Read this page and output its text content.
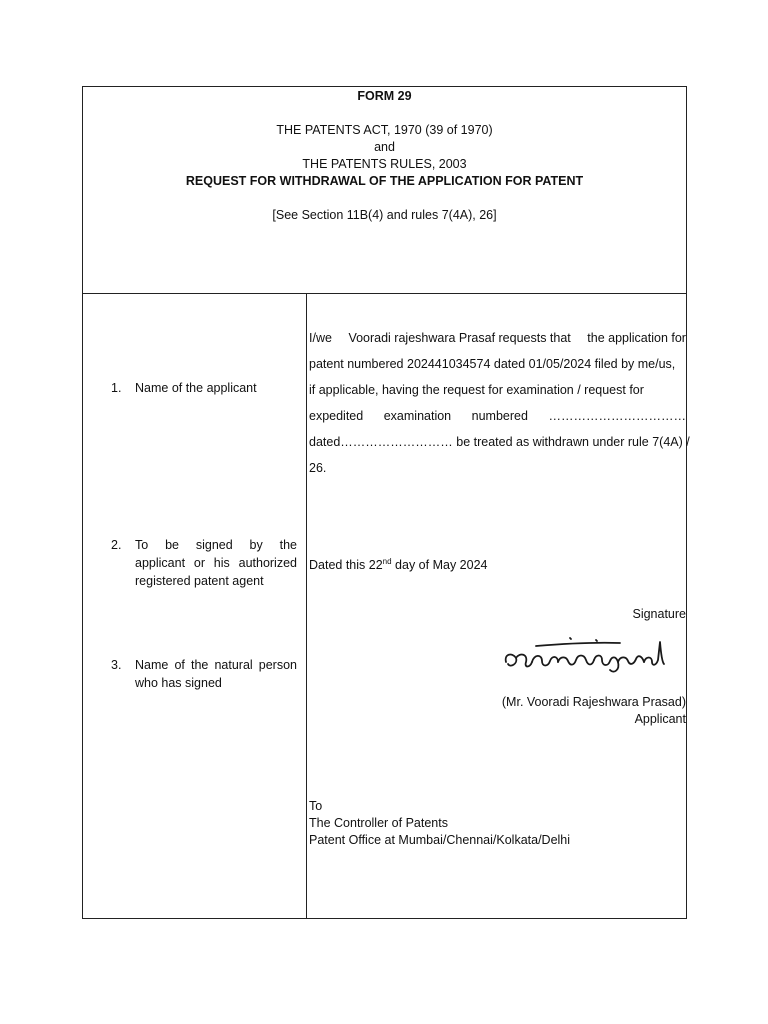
FORM 29
THE PATENTS ACT, 1970 (39 of 1970)
and
THE PATENTS RULES, 2003
REQUEST FOR WITHDRAWAL OF THE APPLICATION FOR PATENT
[See Section 11B(4) and rules 7(4A), 26]
1.	Name of the applicant
2.	To be signed by the
applicant or his authorized
registered patent agent
3.	Name of the natural person
who has signed
I/we Vooradi rajeshwara Prasaf requests that the application for
patent numbered 202441034574 dated 01/05/2024 filed by me/us,
if applicable, having the request for examination / request for
expedited examination numbered ……………………………
dated……………………… be treated as withdrawn under rule 7(4A) /
26.
Dated this 22nd day of May 2024
Signature
(Mr. Vooradi Rajeshwara Prasad)
Applicant
To
The Controller of Patents
Patent Office at Mumbai/Chennai/Kolkata/Delhi
